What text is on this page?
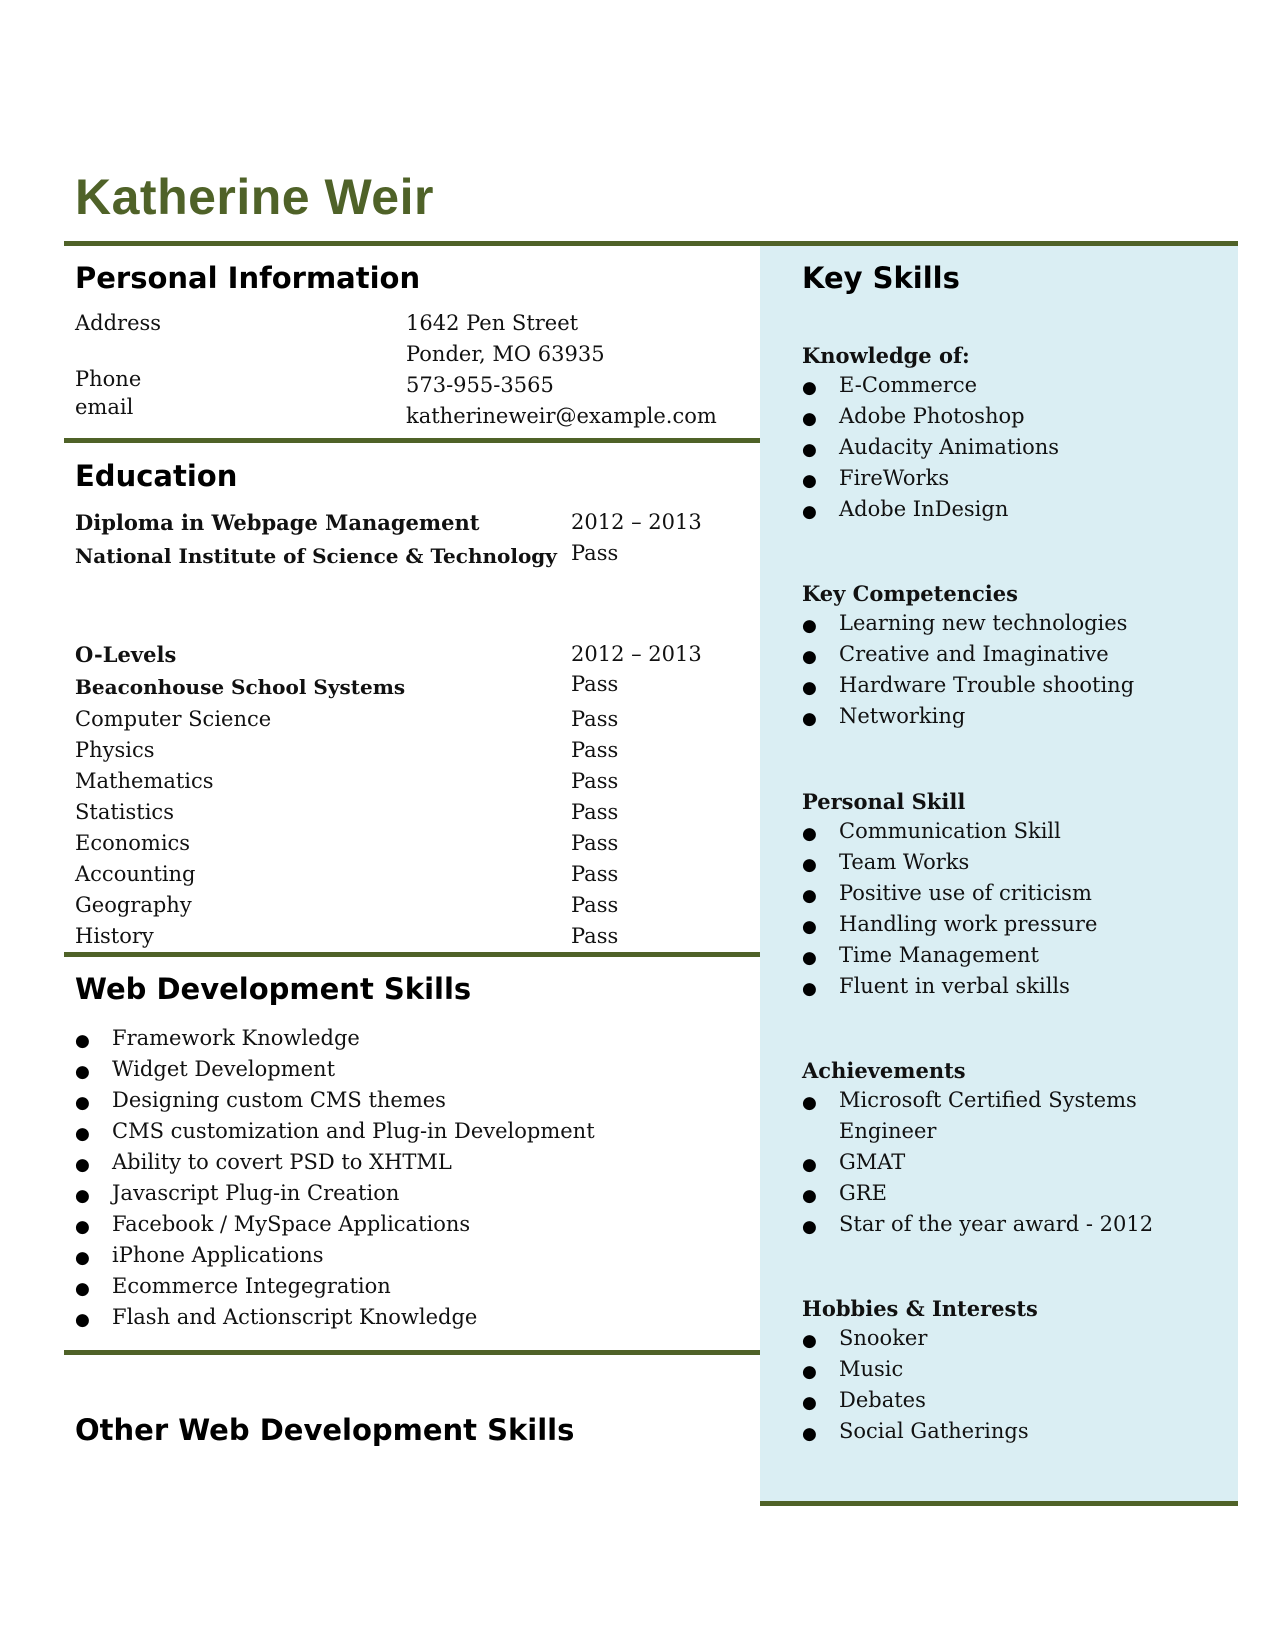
Katherine Weir
Personal Information
Address	1642 Pen Street
Ponder, MO 63935
Phone	573-955-3565
email	katherineweir@example.com
Education
Diploma in Webpage Management	2012 – 2013
National Institute of Science & Technology Pass
O-Levels	2012 – 2013
Beaconhouse School Systems	Pass
Computer Science	Pass
Physics	Pass
Mathematics	Pass
Statistics	Pass
Economics	Pass
Accounting	Pass
Geography	Pass
History	Pass
Web Development Skills
● Framework Knowledge
● Widget Development
● Designing custom CMS themes
● CMS customization and Plug-in Development
● Ability to covert PSD to XHTML
● Javascript Plug-in Creation
● Facebook / MySpace Applications
● iPhone Applications
● Ecommerce Integegration
● Flash and Actionscript Knowledge
Other Web Development Skills
Key Skills
Knowledge of:
● E-Commerce
● Adobe Photoshop
● Audacity Animations
● FireWorks
● Adobe InDesign
Key Competencies
● Learning new technologies
● Creative and Imaginative
● Hardware Trouble shooting
● Networking
Personal Skill
● Communication Skill
● Team Works
● Positive use of criticism
● Handling work pressure
● Time Management
● Fluent in verbal skills
Achievements
● Microsoft Certified Systems
Engineer
● GMAT
● GRE
● Star of the year award - 2012
Hobbies & Interests
● Snooker
● Music
● Debates
● Social Gatherings
